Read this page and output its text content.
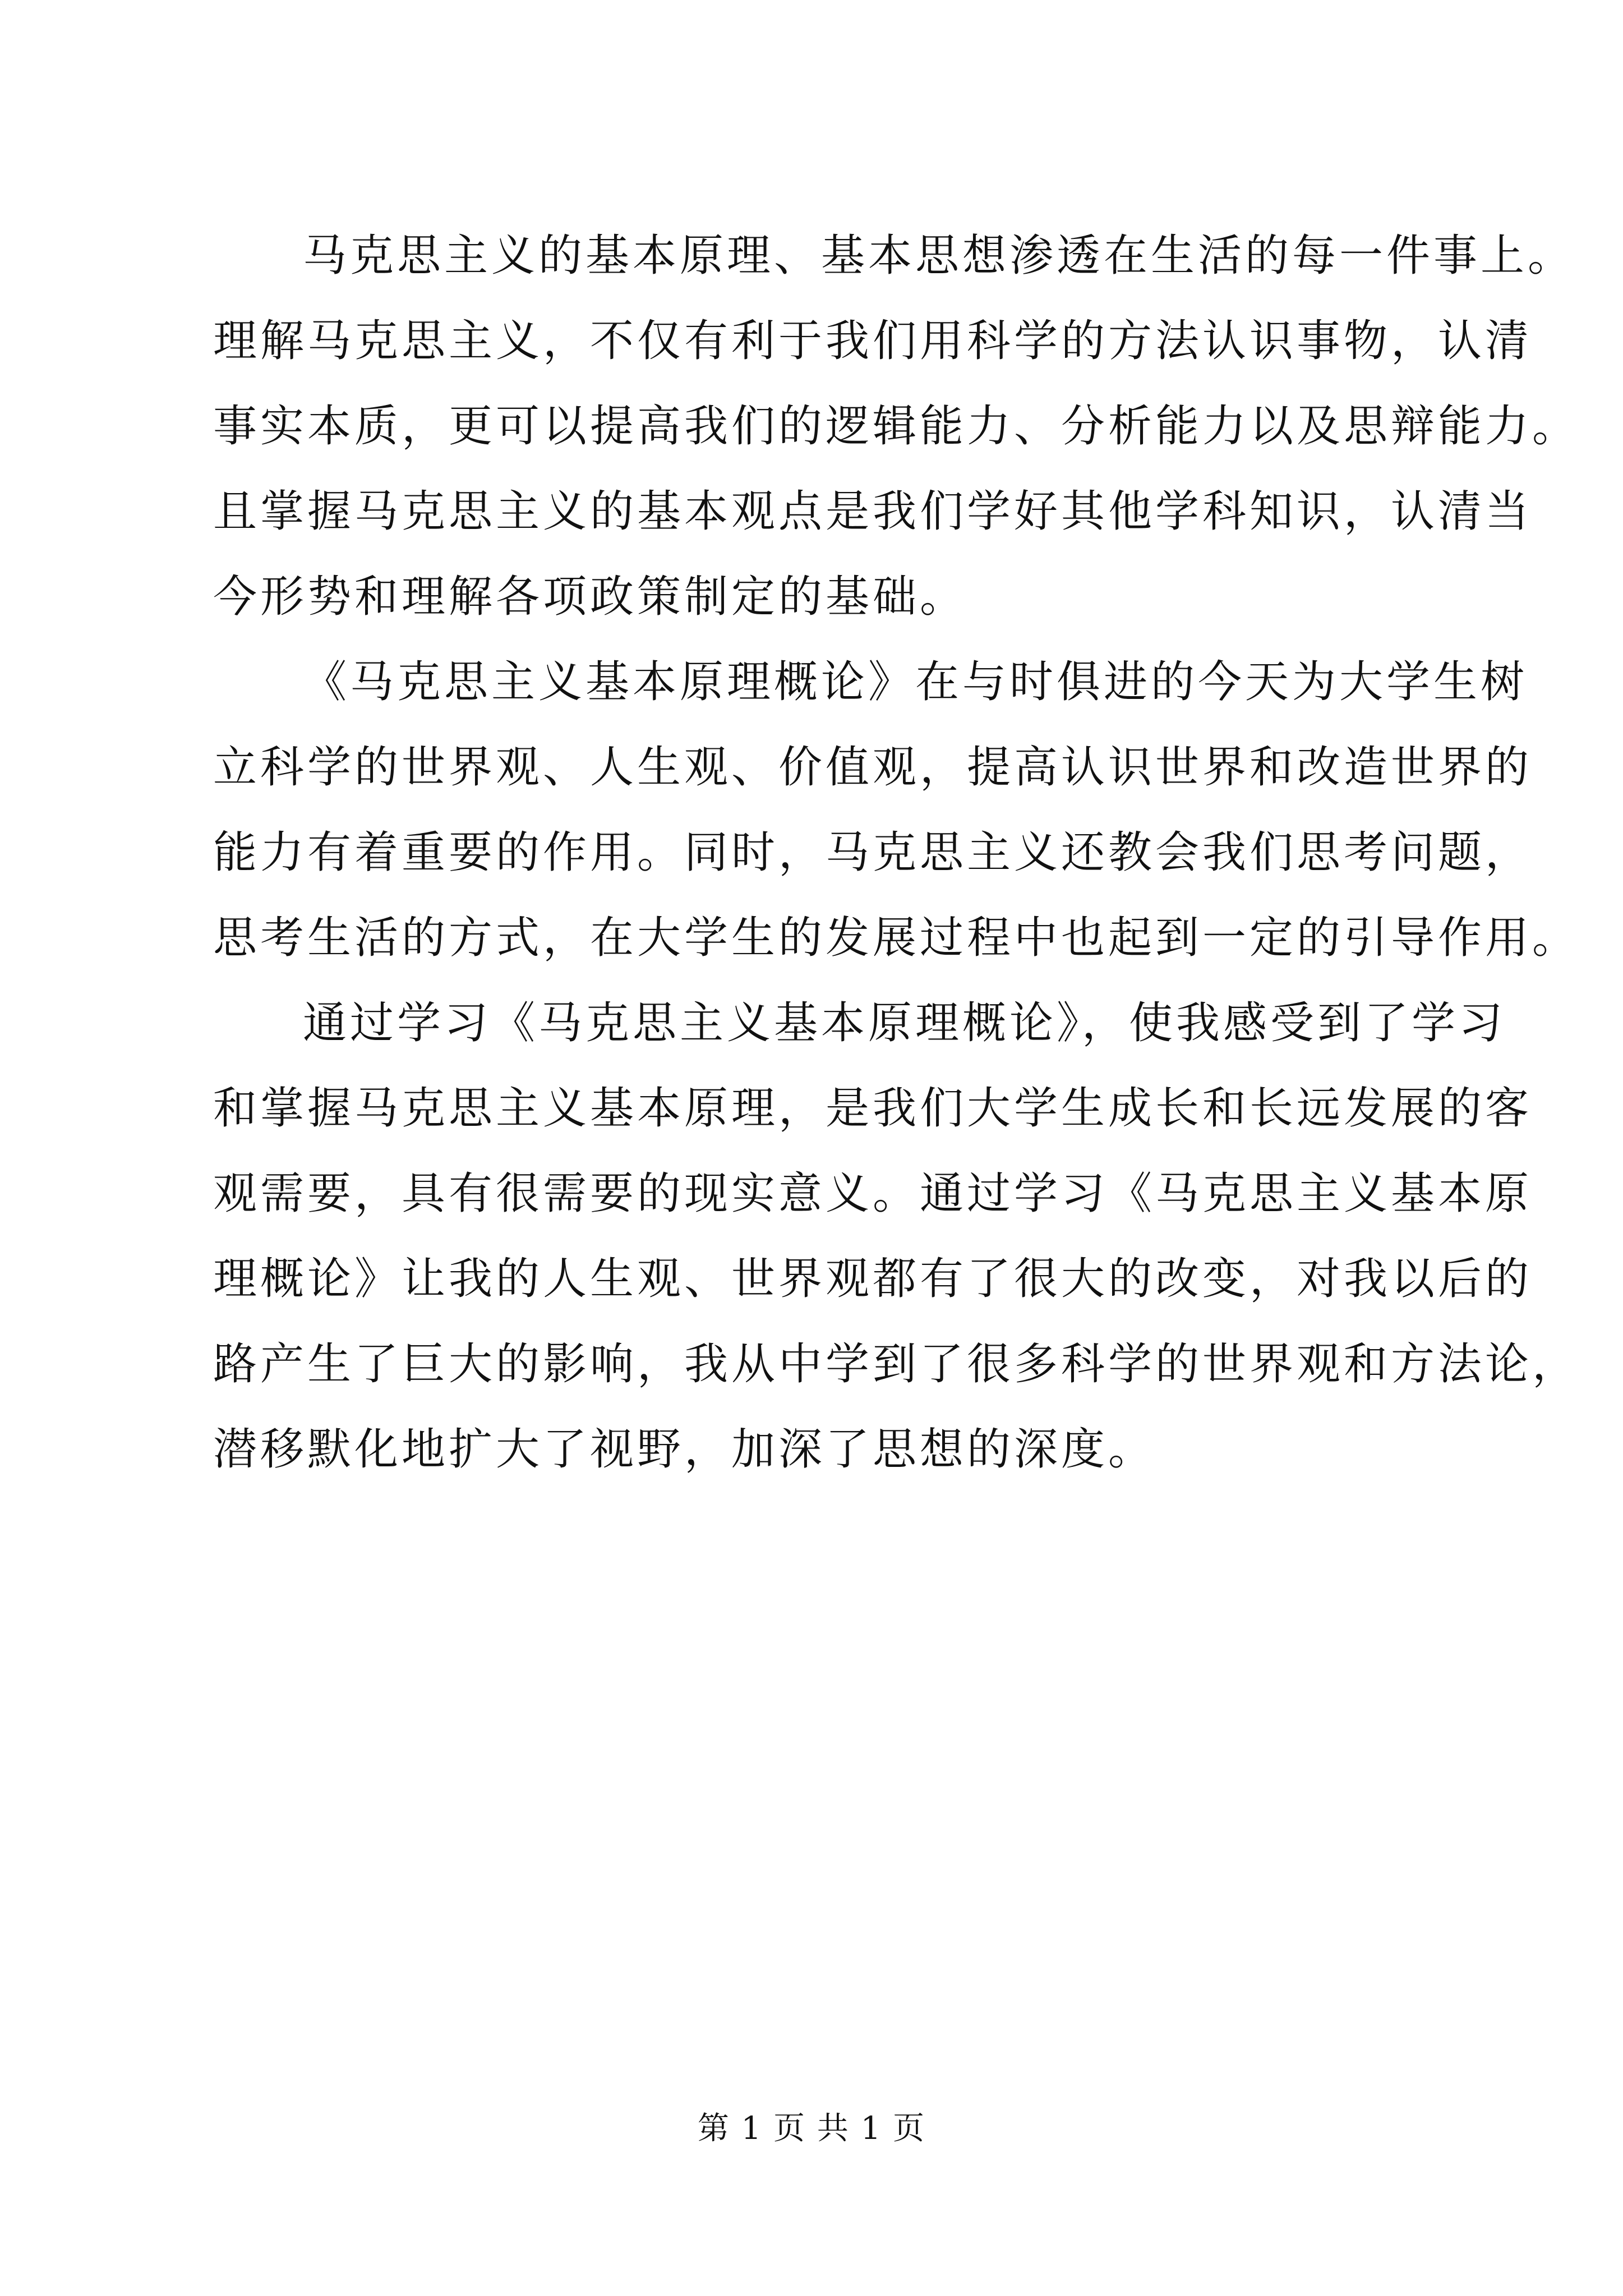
马克思主义的基本原理、基本思想渗透在生活的每一件事上。
理解马克思主义，不仅有利于我们用科学的方法认识事物，认清
事实本质，更可以提高我们的逻辑能力、分析能力以及思辩能力。
且掌握马克思主义的基本观点是我们学好其他学科知识，认清当
今形势和理解各项政策制定的基础。
《马克思主义基本原理概论》在与时俱进的今天为大学生树
立科学的世界观、人生观、价值观，提高认识世界和改造世界的
能力有着重要的作用。同时，马克思主义还教会我们思考问题，
思考生活的方式，在大学生的发展过程中也起到一定的引导作用。
通过学习《马克思主义基本原理概论》，使我感受到了学习
和掌握马克思主义基本原理，是我们大学生成长和长远发展的客
观需要，具有很需要的现实意义。通过学习《马克思主义基本原
理概论》让我的人生观、世界观都有了很大的改变，对我以后的
路产生了巨大的影响，我从中学到了很多科学的世界观和方法论，
潜移默化地扩大了视野，加深了思想的深度。
第 1 页 共 1 页
